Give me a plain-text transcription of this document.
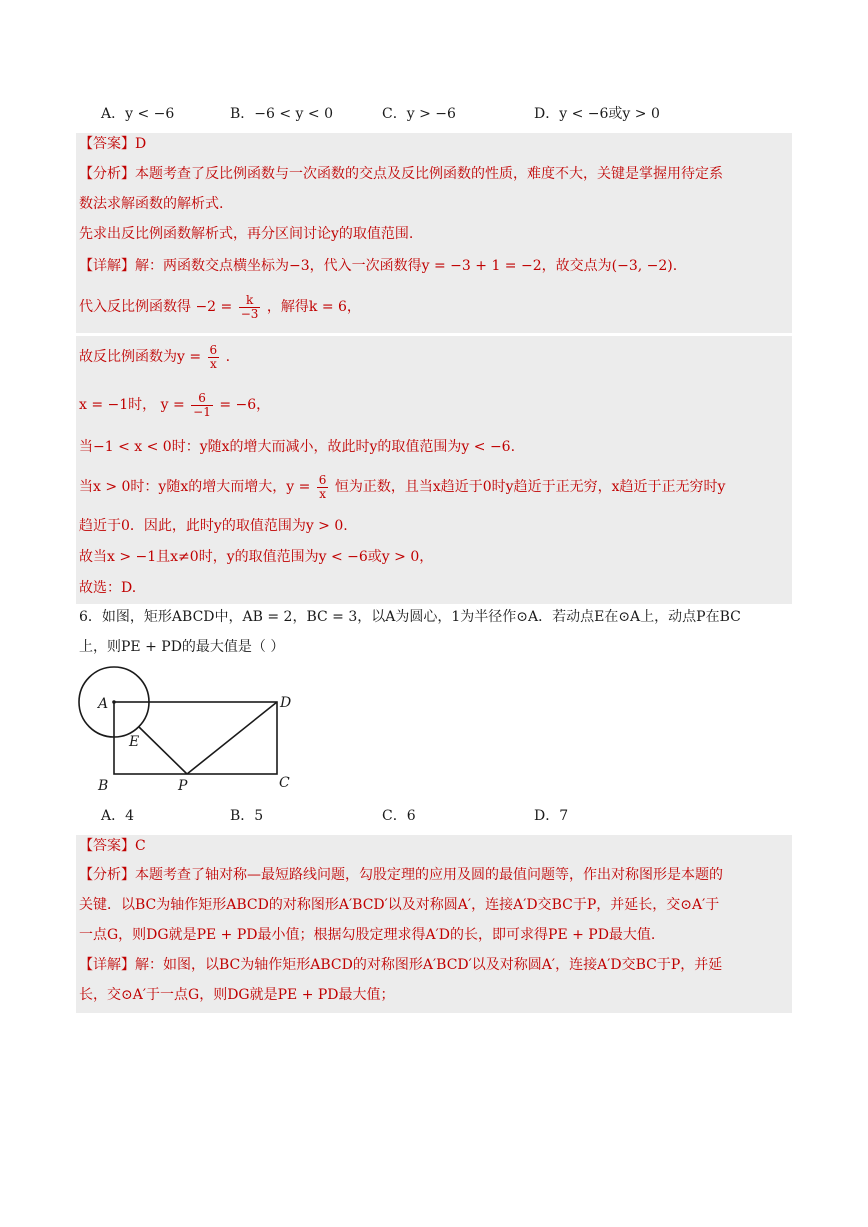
A．y < −6	B．−6 < y < 0	C．y > −6	D．y < −6或y > 0
【答案】D
【分析】本题考查了反比例函数与一次函数的交点及反比例函数的性质，难度不大，关键是掌握用待定系
数法求解函数的解析式.
先求出反比例函数解析式，再分区间讨论y的取值范围.
【详解】解：两函数交点横坐标为−3，代入一次函数得y = −3 + 1 = −2，故交点为(−3, −2).
代入反比例函数得 $-2 = \frac{k}{-3}$ ，解得k = 6，
故反比例函数为$y = \frac{6}{x}$ .
x = −1时， $y = \frac{6}{-1} = -6$，
当−1 < x < 0时：y随x的增大而减小，故此时y的取值范围为y < −6.
当x > 0时：y随x的增大而增大，$y = \frac{6}{x}$ 恒为正数，且当x趋近于0时y趋近于正无穷，x趋近于正无穷时y
趋近于0．因此，此时y的取值范围为y > 0.
故当x > −1且x≠0时，y的取值范围为y < −6或y > 0，
故选：D.
6．如图，矩形ABCD中，AB = 2，BC = 3，以A为圆心，1为半径作⊙A．若动点E在⊙A上，动点P在BC
上，则PE + PD的最大值是（ ）
A	D
E
B	P	C
A．4	B．5	C．6	D．7
【答案】C
【分析】本题考查了轴对称—最短路线问题，勾股定理的应用及圆的最值问题等，作出对称图形是本题的
关键．以BC为轴作矩形ABCD的对称图形A′BCD′以及对称圆A′，连接A′D交BC于P，并延长，交⊙A′于
一点G，则DG就是PE + PD最小值；根据勾股定理求得A′D的长，即可求得PE + PD最大值.
【详解】解：如图，以BC为轴作矩形ABCD的对称图形A′BCD′以及对称圆A′，连接A′D交BC于P，并延
长，交⊙A′于一点G，则DG就是PE + PD最大值；
